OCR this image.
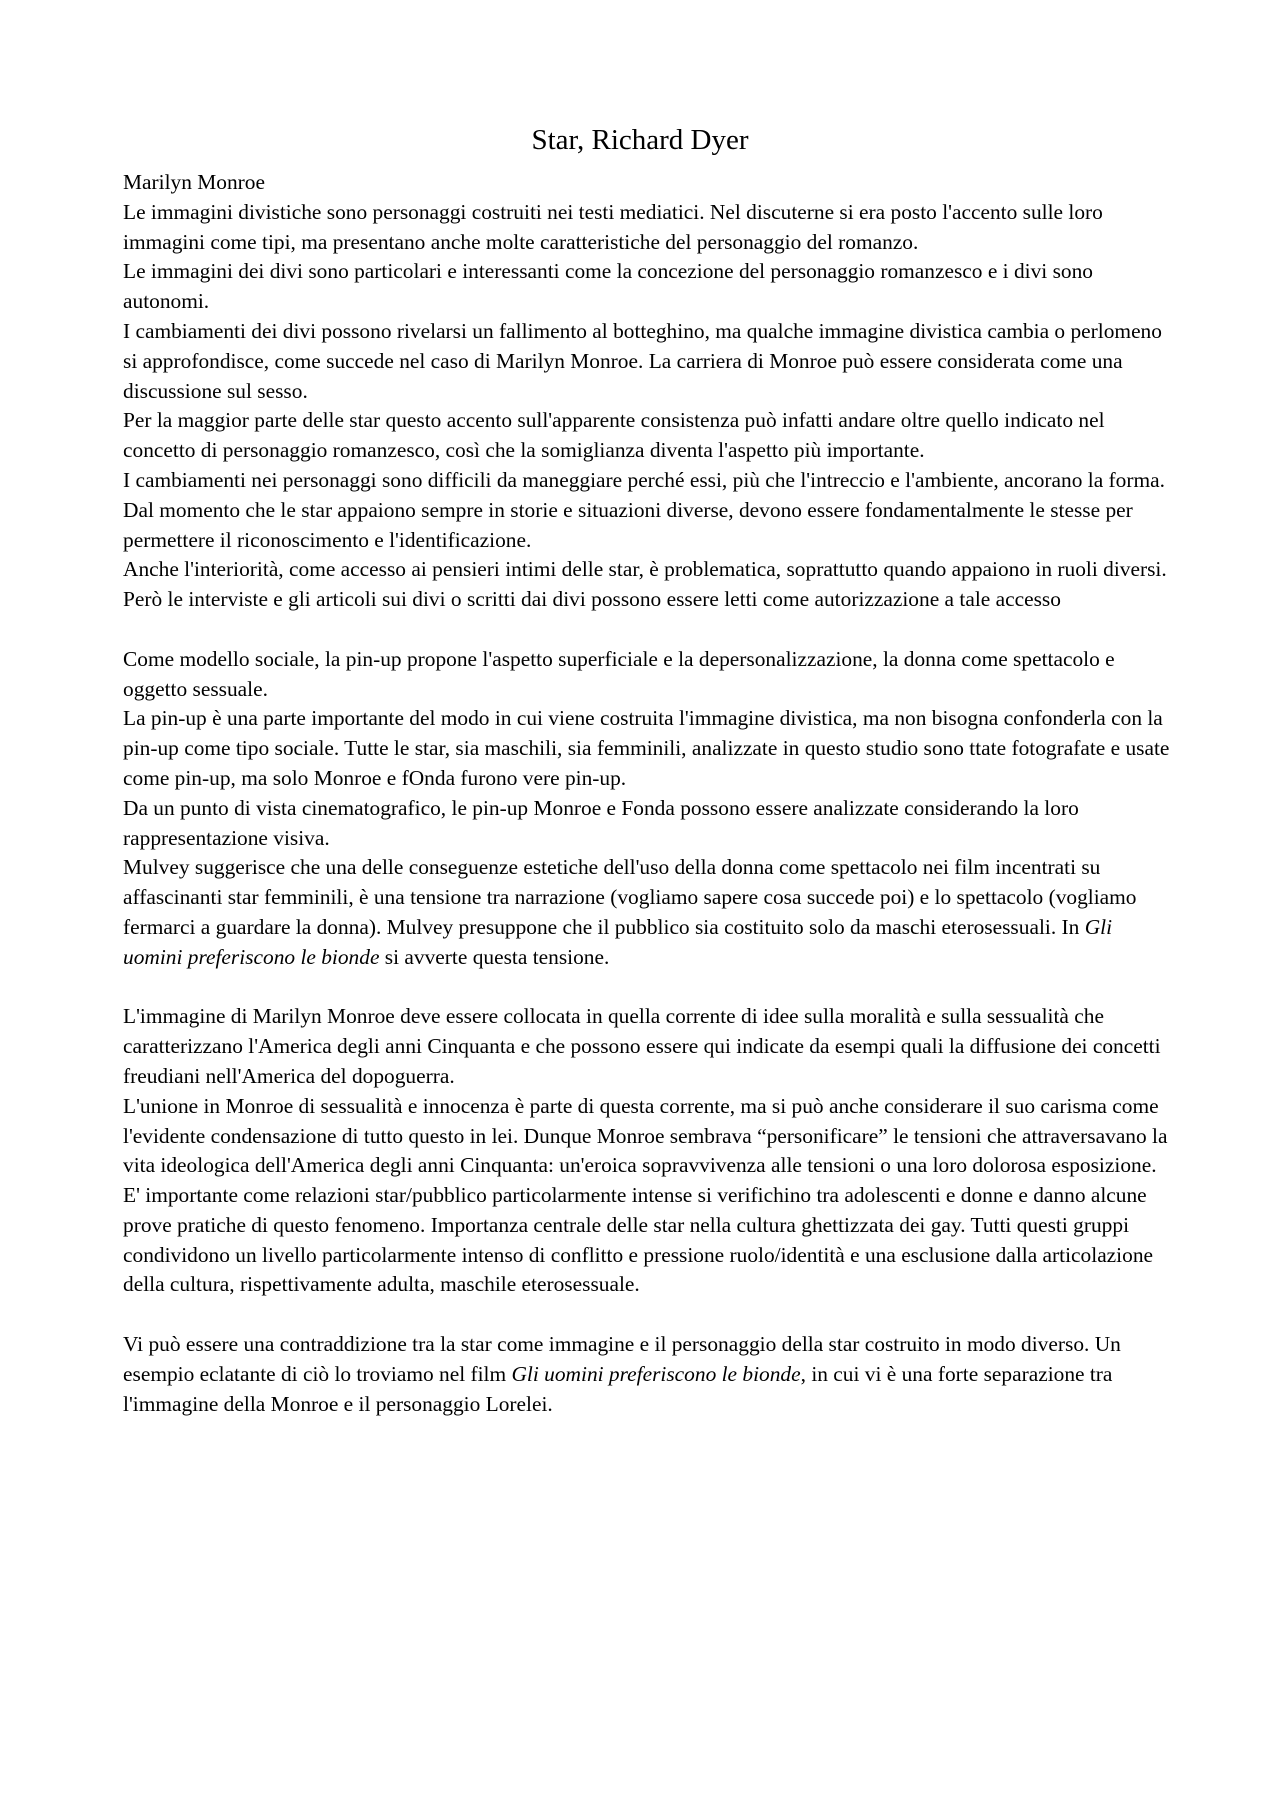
Star, Richard Dyer

Marilyn Monroe

Le immagini divistiche sono personaggi costruiti nei testi mediatici. Nel discuterne si era posto l'accento sulle loro immagini come tipi, ma presentano anche molte caratteristiche del personaggio del romanzo.

Le immagini dei divi sono particolari e interessanti come la concezione del personaggio romanzesco e i divi sono autonomi.

I cambiamenti dei divi possono rivelarsi un fallimento al botteghino, ma qualche immagine divistica cambia o perlomeno si approfondisce, come succede nel caso di Marilyn Monroe. La carriera di Monroe può essere considerata come una discussione sul sesso.

Per la maggior parte delle star questo accento sull'apparente consistenza può infatti andare oltre quello indicato nel concetto di personaggio romanzesco, così che la somiglianza diventa l'aspetto più importante.

I cambiamenti nei personaggi sono difficili da maneggiare perché essi, più che l'intreccio e l'ambiente, ancorano la forma. Dal momento che le star appaiono sempre in storie e situazioni diverse, devono essere fondamentalmente le stesse per permettere il riconoscimento e l'identificazione.

Anche l'interiorità, come accesso ai pensieri intimi delle star, è problematica, soprattutto quando appaiono in ruoli diversi.

Però le interviste e gli articoli sui divi o scritti dai divi possono essere letti come autorizzazione a tale accesso

Come modello sociale, la pin-up propone l'aspetto superficiale e la depersonalizzazione, la donna come spettacolo e oggetto sessuale.

La pin-up è una parte importante del modo in cui viene costruita l'immagine divistica, ma non bisogna confonderla con la pin-up come tipo sociale. Tutte le star, sia maschili, sia femminili, analizzate in questo studio sono ttate fotografate e usate come pin-up, ma solo Monroe e fOnda furono vere pin-up.

Da un punto di vista cinematografico, le pin-up Monroe e Fonda possono essere analizzate considerando la loro rappresentazione visiva.

Mulvey suggerisce che una delle conseguenze estetiche dell'uso della donna come spettacolo nei film incentrati su affascinanti star femminili, è una tensione tra narrazione (vogliamo sapere cosa succede poi) e lo spettacolo (vogliamo fermarci a guardare la donna). Mulvey presuppone che il pubblico sia costituito solo da maschi eterosessuali. In Gli uomini preferiscono le bionde si avverte questa tensione.

L'immagine di Marilyn Monroe deve essere collocata in quella corrente di idee sulla moralità e sulla sessualità che caratterizzano l'America degli anni Cinquanta e che possono essere qui indicate da esempi quali la diffusione dei concetti freudiani nell'America del dopoguerra.

L'unione in Monroe di sessualità e innocenza è parte di questa corrente, ma si può anche considerare il suo carisma come l'evidente condensazione di tutto questo in lei. Dunque Monroe sembrava “personificare” le tensioni che attraversavano la vita ideologica dell'America degli anni Cinquanta: un'eroica sopravvivenza alle tensioni o una loro dolorosa esposizione.

E' importante come relazioni star/pubblico particolarmente intense si verifichino tra adolescenti e donne e danno alcune prove pratiche di questo fenomeno. Importanza centrale delle star nella cultura ghettizzata dei gay. Tutti questi gruppi condividono un livello particolarmente intenso di conflitto e pressione ruolo/identità e una esclusione dalla articolazione della cultura, rispettivamente adulta, maschile eterosessuale.

Vi può essere una contraddizione tra la star come immagine e il personaggio della star costruito in modo diverso. Un esempio eclatante di ciò lo troviamo nel film Gli uomini preferiscono le bionde, in cui vi è una forte separazione tra l'immagine della Monroe e il personaggio Lorelei.
